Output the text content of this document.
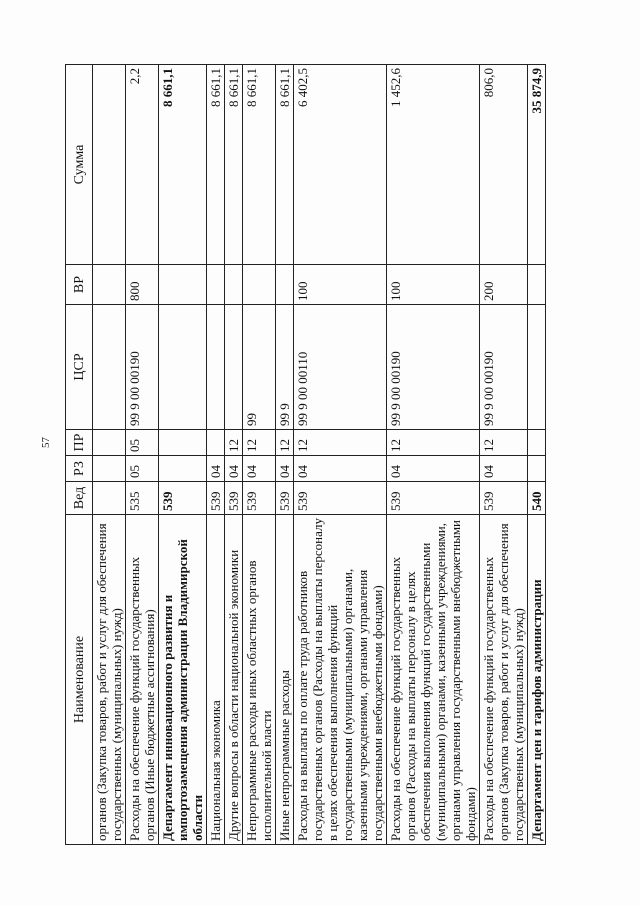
57
Наименование	Вед	РЗ	ПР	ЦСР	ВР	Сумма
органов (Закупка товаров, работ и услуг для обеспечения государственных (муниципальных) нужд)						
Расходы на обеспечение функций государственных органов (Иные бюджетные ассигнования)	535	05	05	99 9 00 00190	800	2,2
Департамент инновационного развития и импортозамещения администрации Владимирской области	539					8 661,1
Национальная экономика	539	04				8 661,1
Другие вопросы в области национальной экономики	539	04	12			8 661,1
Непрограммные расходы иных областных органов исполнительной власти	539	04	12	99		8 661,1
Иные непрограммные расходы	539	04	12	99 9		8 661,1
Расходы на выплаты по оплате труда работников государственных органов (Расходы на выплаты персоналу в целях обеспечения выполнения функций государственными (муниципальными) органами, казенными учреждениями, органами управления государственными внебюджетными фондами)	539	04	12	99 9 00 00110	100	6 402,5
Расходы на обеспечение функций государственных органов (Расходы на выплаты персоналу в целях обеспечения выполнения функций государственными (муниципальными) органами, казенными учреждениями, органами управления государственными внебюджетными фондами)	539	04	12	99 9 00 00190	100	1 452,6
Расходы на обеспечение функций государственных органов (Закупка товаров, работ и услуг для обеспечения государственных (муниципальных) нужд)	539	04	12	99 9 00 00190	200	806,0
Департамент цен и тарифов администрации	540					35 874,9
